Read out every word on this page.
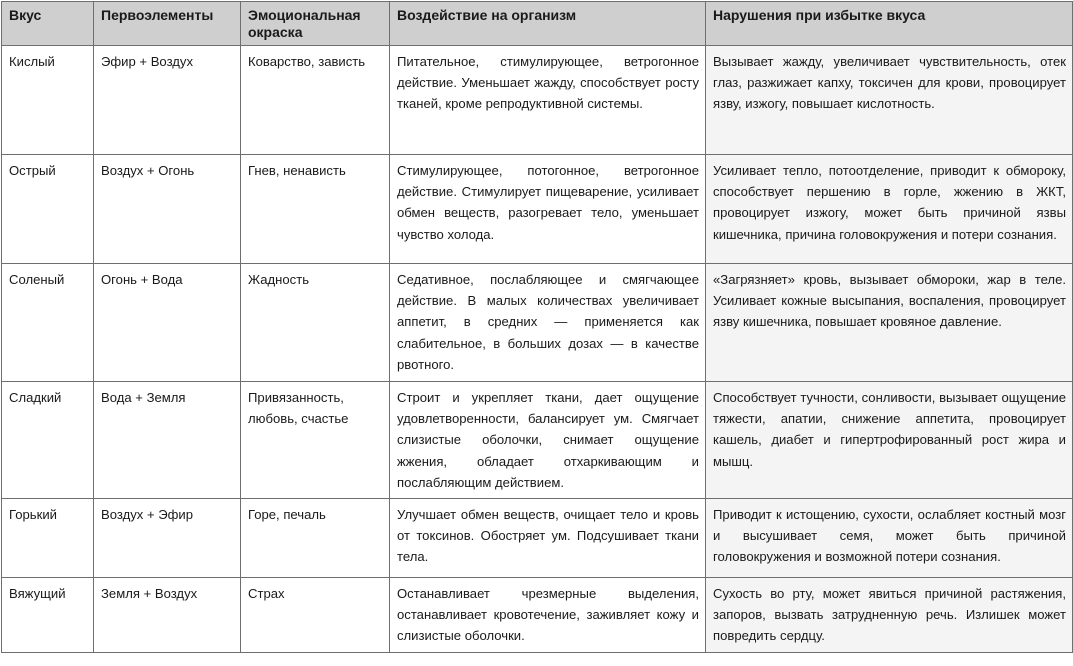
Вкус	Первоэлементы	Эмоциональная окраска	Воздействие на организм	Нарушения при избытке вкуса
Кислый	Эфир + Воздух	Коварство, зависть	Питательное, стимулирующее, ветрогонное действие. Уменьшает жажду, способствует росту тканей, кроме репродуктивной системы.	Вызывает жажду, увеличивает чувствительность, отек глаз, разжижает капху, токсичен для крови, провоцирует язву, изжогу, повышает кислотность.
Острый	Воздух + Огонь	Гнев, ненависть	Стимулирующее, потогонное, ветрогонное действие. Стимулирует пищеварение, усиливает обмен веществ, разогревает тело, уменьшает чувство холода.	Усиливает тепло, потоотделение, приводит к обмороку, способствует першению в горле, жжению в ЖКТ, провоцирует изжогу, может быть причиной язвы кишечника, причина головокружения и потери сознания.
Соленый	Огонь + Вода	Жадность	Седативное, послабляющее и смягчающее действие. В малых количествах увеличивает аппетит, в средних — применяется как слабительное, в больших дозах — в качестве рвотного.	«Загрязняет» кровь, вызывает обмороки, жар в теле. Усиливает кожные высыпания, воспаления, провоцирует язву кишечника, повышает кровяное давление.
Сладкий	Вода + Земля	Привязанность, любовь, счастье	Строит и укрепляет ткани, дает ощущение удовлетворенности, балансирует ум. Смягчает слизистые оболочки, снимает ощущение жжения, обладает отхаркивающим и послабляющим действием.	Способствует тучности, сонливости, вызывает ощущение тяжести, апатии, снижение аппетита, провоцирует кашель, диабет и гипертрофированный рост жира и мышц.
Горький	Воздух + Эфир	Горе, печаль	Улучшает обмен веществ, очищает тело и кровь от токсинов. Обостряет ум. Подсушивает ткани тела.	Приводит к истощению, сухости, ослабляет костный мозг и высушивает семя, может быть причиной головокружения и возможной потери сознания.
Вяжущий	Земля + Воздух	Страх	Останавливает чрезмерные выделения, останавливает кровотечение, заживляет кожу и слизистые оболочки.	Сухость во рту, может явиться причиной растяжения, запоров, вызвать затрудненную речь. Излишек может повредить сердцу.
